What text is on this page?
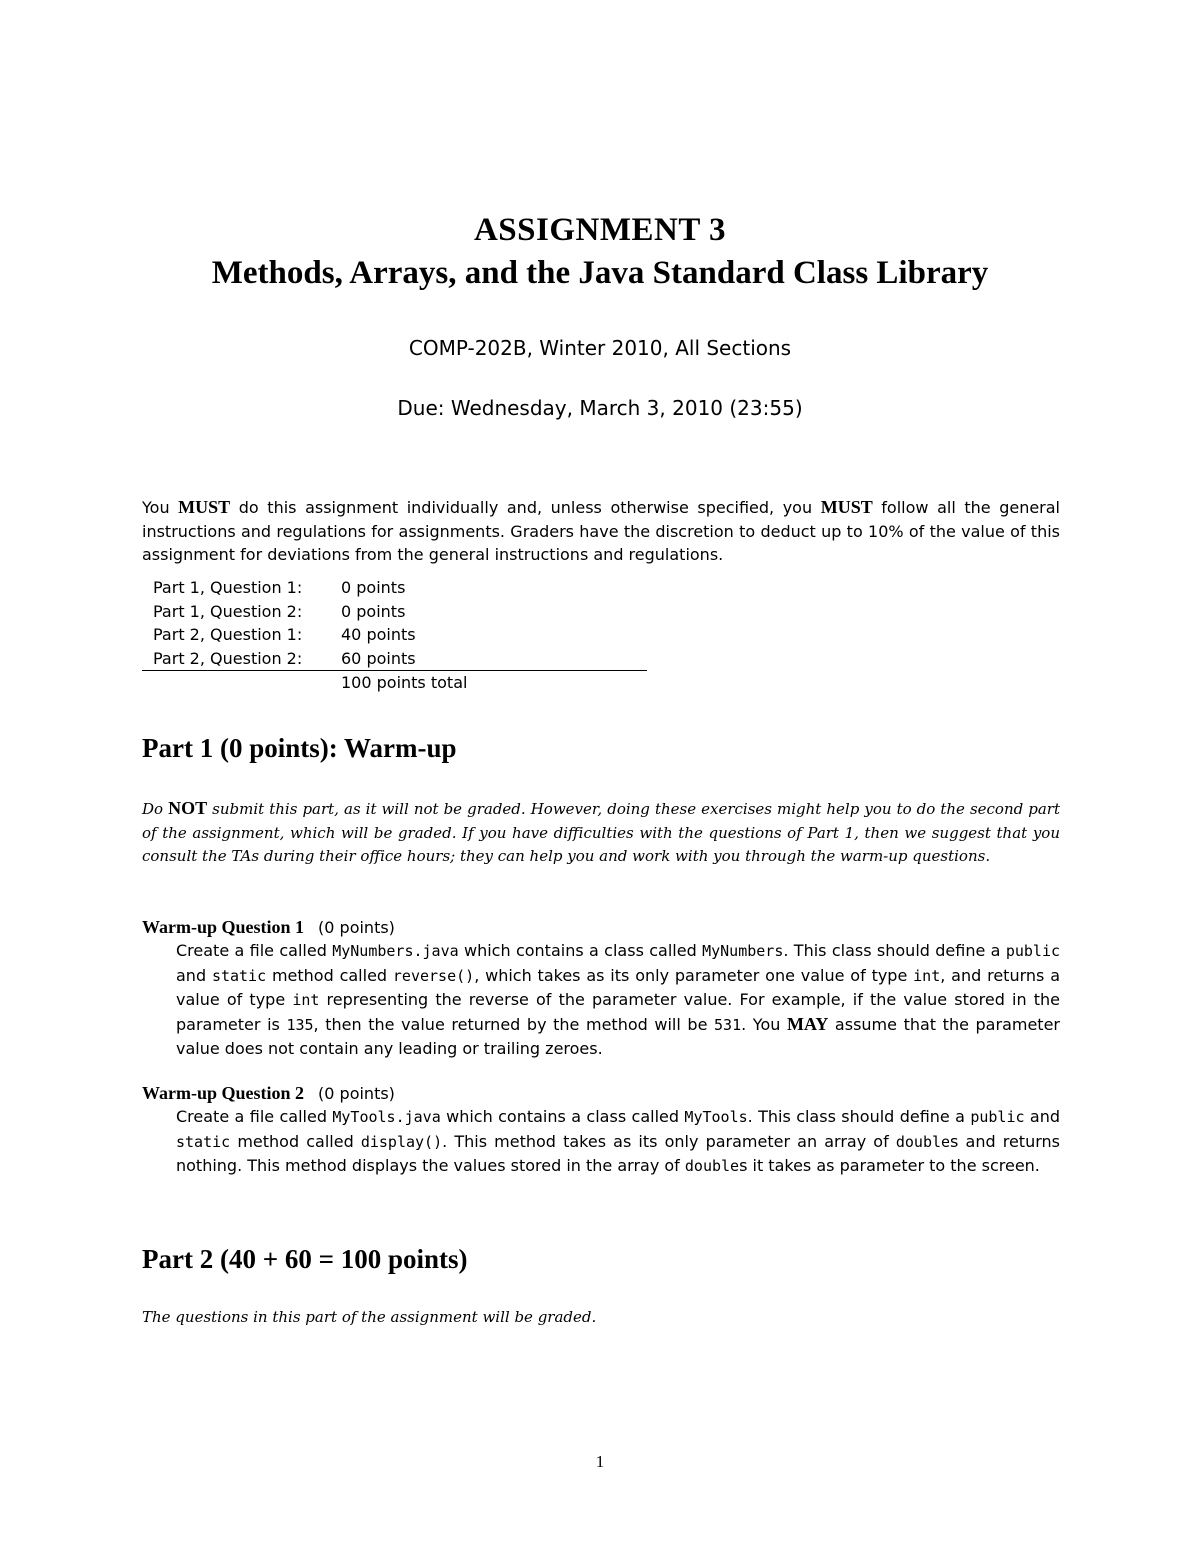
ASSIGNMENT 3
Methods, Arrays, and the Java Standard Class Library
COMP-202B, Winter 2010, All Sections
Due: Wednesday, March 3, 2010 (23:55)
You MUST do this assignment individually and, unless otherwise specified, you MUST follow all the general instructions and regulations for assignments. Graders have the discretion to deduct up to 10% of the value of this assignment for deviations from the general instructions and regulations.
Part 1, Question 1:	0 points
Part 1, Question 2:	0 points
Part 2, Question 1:	40 points
Part 2, Question 2:	60 points
	100 points total
Part 1 (0 points): Warm-up
Do NOT submit this part, as it will not be graded. However, doing these exercises might help you to do the second part of the assignment, which will be graded. If you have difficulties with the questions of Part 1, then we suggest that you consult the TAs during their office hours; they can help you and work with you through the warm-up questions.
Warm-up Question 1 (0 points)
Create a file called MyNumbers.java which contains a class called MyNumbers. This class should define a public and static method called reverse(), which takes as its only parameter one value of type int, and returns a value of type int representing the reverse of the parameter value. For example, if the value stored in the parameter is 135, then the value returned by the method will be 531. You MAY assume that the parameter value does not contain any leading or trailing zeroes.
Warm-up Question 2 (0 points)
Create a file called MyTools.java which contains a class called MyTools. This class should define a public and static method called display(). This method takes as its only parameter an array of doubles and returns nothing. This method displays the values stored in the array of doubles it takes as parameter to the screen.
Part 2 (40 + 60 = 100 points)
The questions in this part of the assignment will be graded.
1
